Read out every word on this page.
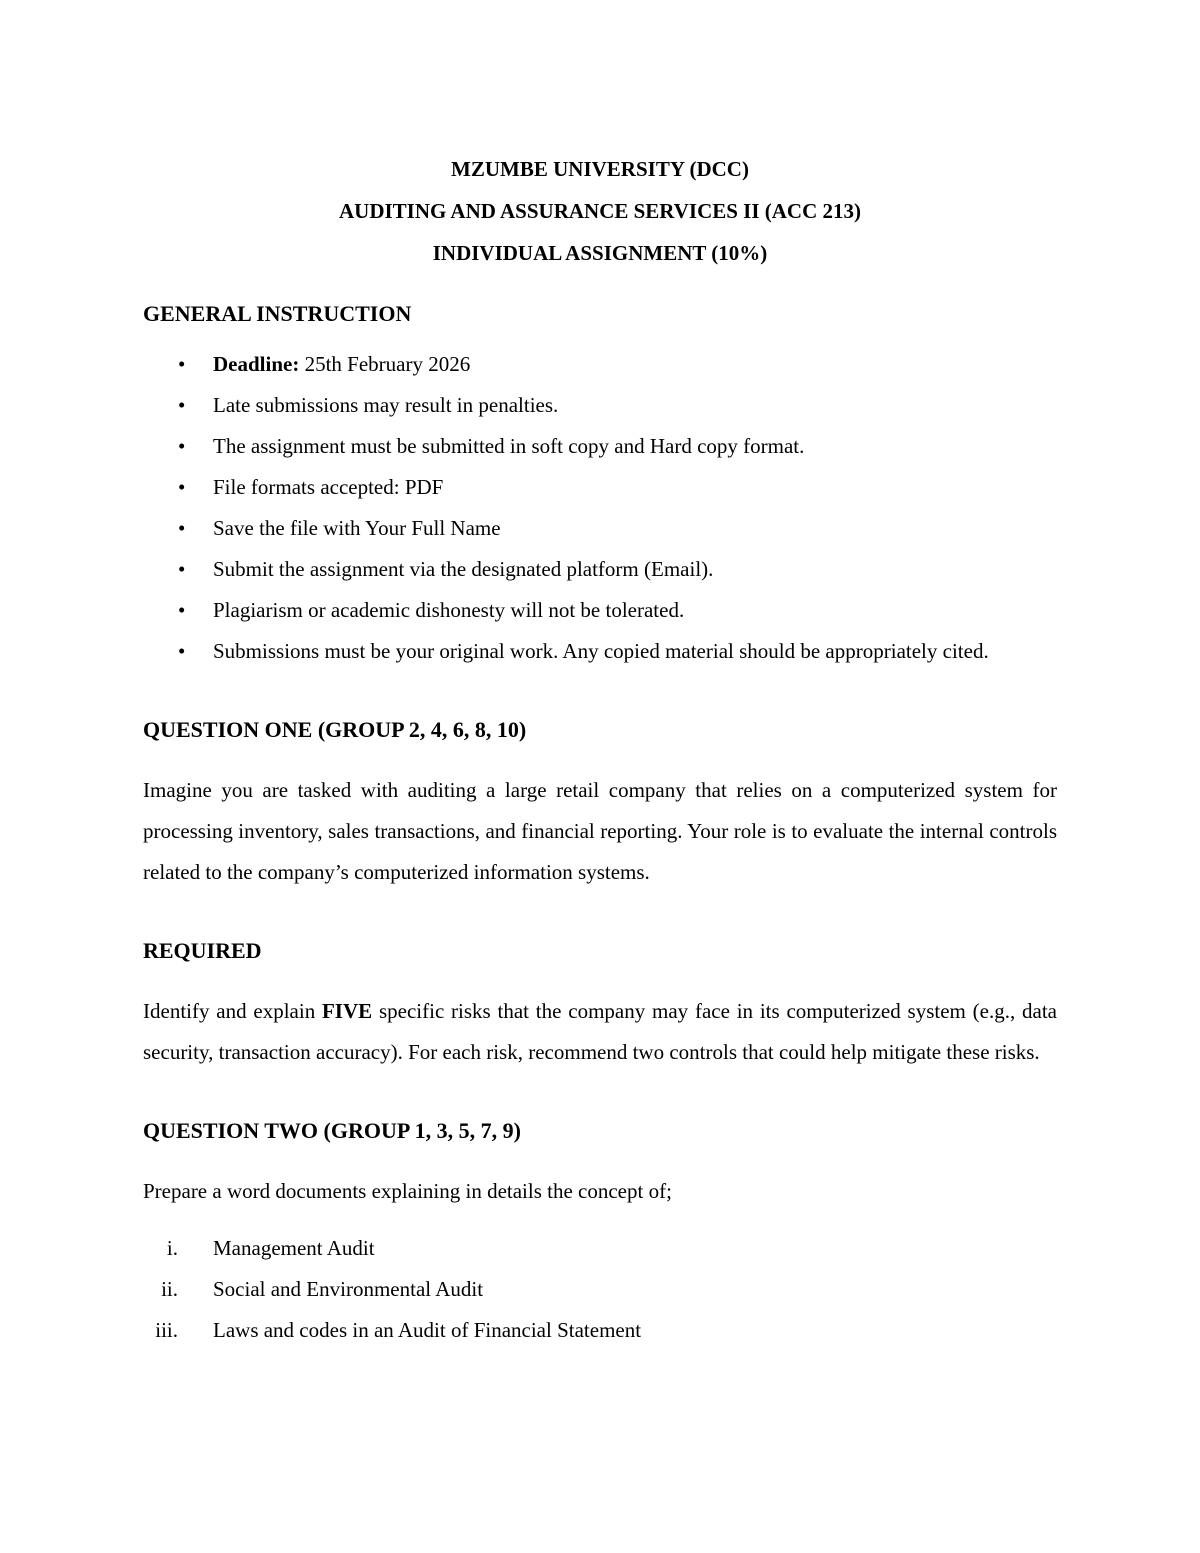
MZUMBE UNIVERSITY (DCC)
AUDITING AND ASSURANCE SERVICES II (ACC 213)
INDIVIDUAL ASSIGNMENT (10%)
GENERAL INSTRUCTION
•	Deadline: 25th February 2026
•	Late submissions may result in penalties.
•	The assignment must be submitted in soft copy and Hard copy format.
•	File formats accepted: PDF
•	Save the file with Your Full Name
•	Submit the assignment via the designated platform (Email).
•	Plagiarism or academic dishonesty will not be tolerated.
•	Submissions must be your original work. Any copied material should be appropriately cited.
QUESTION ONE (GROUP 2, 4, 6, 8, 10)

Imagine you are tasked with auditing a large retail company that relies on a computerized system for processing inventory, sales transactions, and financial reporting. Your role is to evaluate the internal controls related to the company’s computerized information systems.

REQUIRED

Identify and explain FIVE specific risks that the company may face in its computerized system (e.g., data security, transaction accuracy). For each risk, recommend two controls that could help mitigate these risks.

QUESTION TWO (GROUP 1, 3, 5, 7, 9)

Prepare a word documents explaining in details the concept of;

i. Management Audit
ii. Social and Environmental Audit
iii. Laws and codes in an Audit of Financial Statement
